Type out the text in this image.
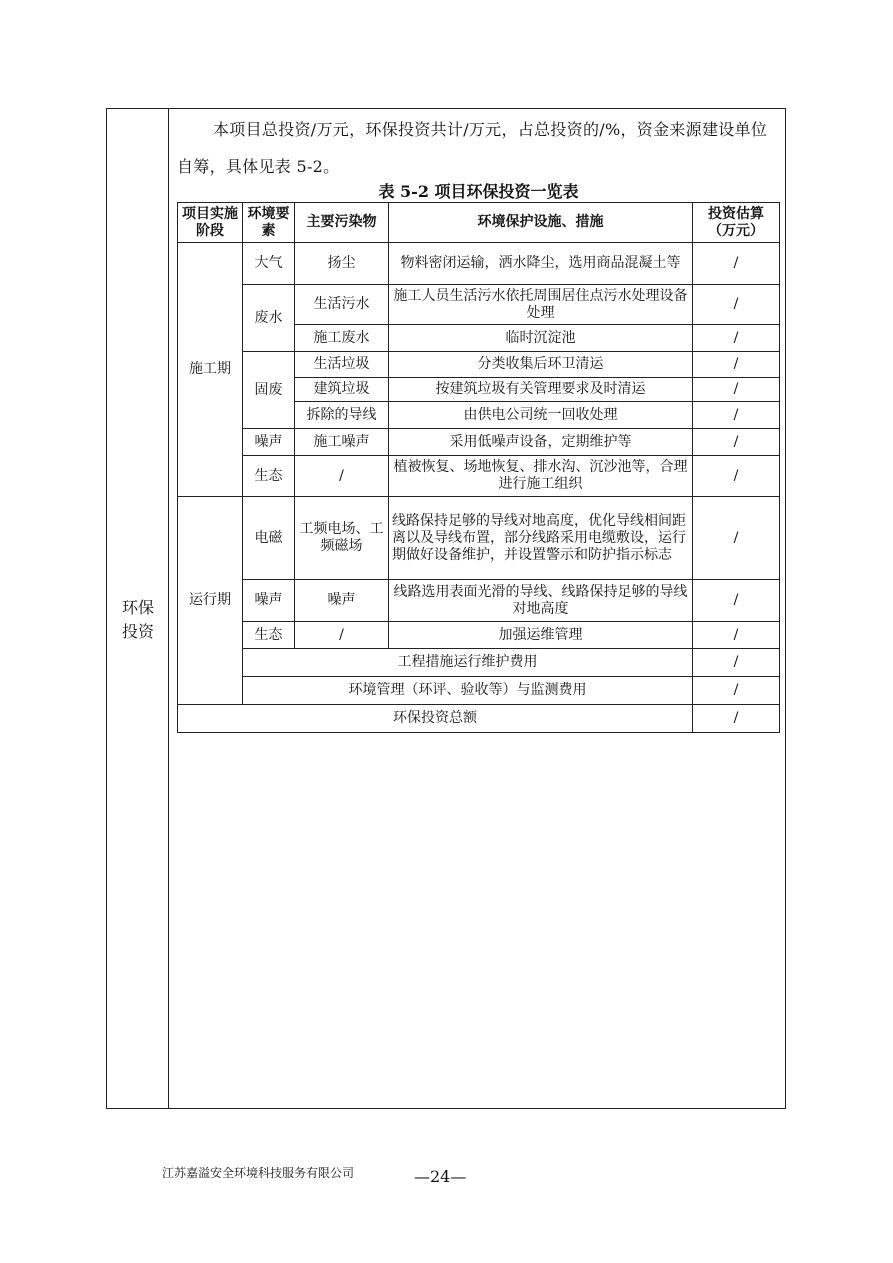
环保
投资
本项目总投资/万元，环保投资共计/万元，占总投资的/%，资金来源建设单位自筹，具体见表 5-2。
表 5-2 项目环保投资一览表
项目实施阶段	环境要素	主要污染物	环境保护设施、措施	投资估算（万元）
施工期	大气	扬尘	物料密闭运输，洒水降尘，选用商品混凝土等	/
	废水	生活污水	施工人员生活污水依托周围居住点污水处理设备处理	/
		施工废水	临时沉淀池	/
	固废	生活垃圾	分类收集后环卫清运	/
		建筑垃圾	按建筑垃圾有关管理要求及时清运	/
		拆除的导线	由供电公司统一回收处理	/
	噪声	施工噪声	采用低噪声设备，定期维护等	/
	生态	/	植被恢复、场地恢复、排水沟、沉沙池等，合理进行施工组织	/
运行期	电磁	工频电场、工频磁场	线路保持足够的导线对地高度，优化导线相间距离以及导线布置，部分线路采用电缆敷设，运行期做好设备维护，并设置警示和防护指示标志	/
	噪声	噪声	线路选用表面光滑的导线、线路保持足够的导线对地高度	/
	生态	/	加强运维管理	/
	工程措施运行维护费用			/
	环境管理（环评、验收等）与监测费用			/
环保投资总额				/
江苏嘉溢安全环境科技服务有限公司	—24—
